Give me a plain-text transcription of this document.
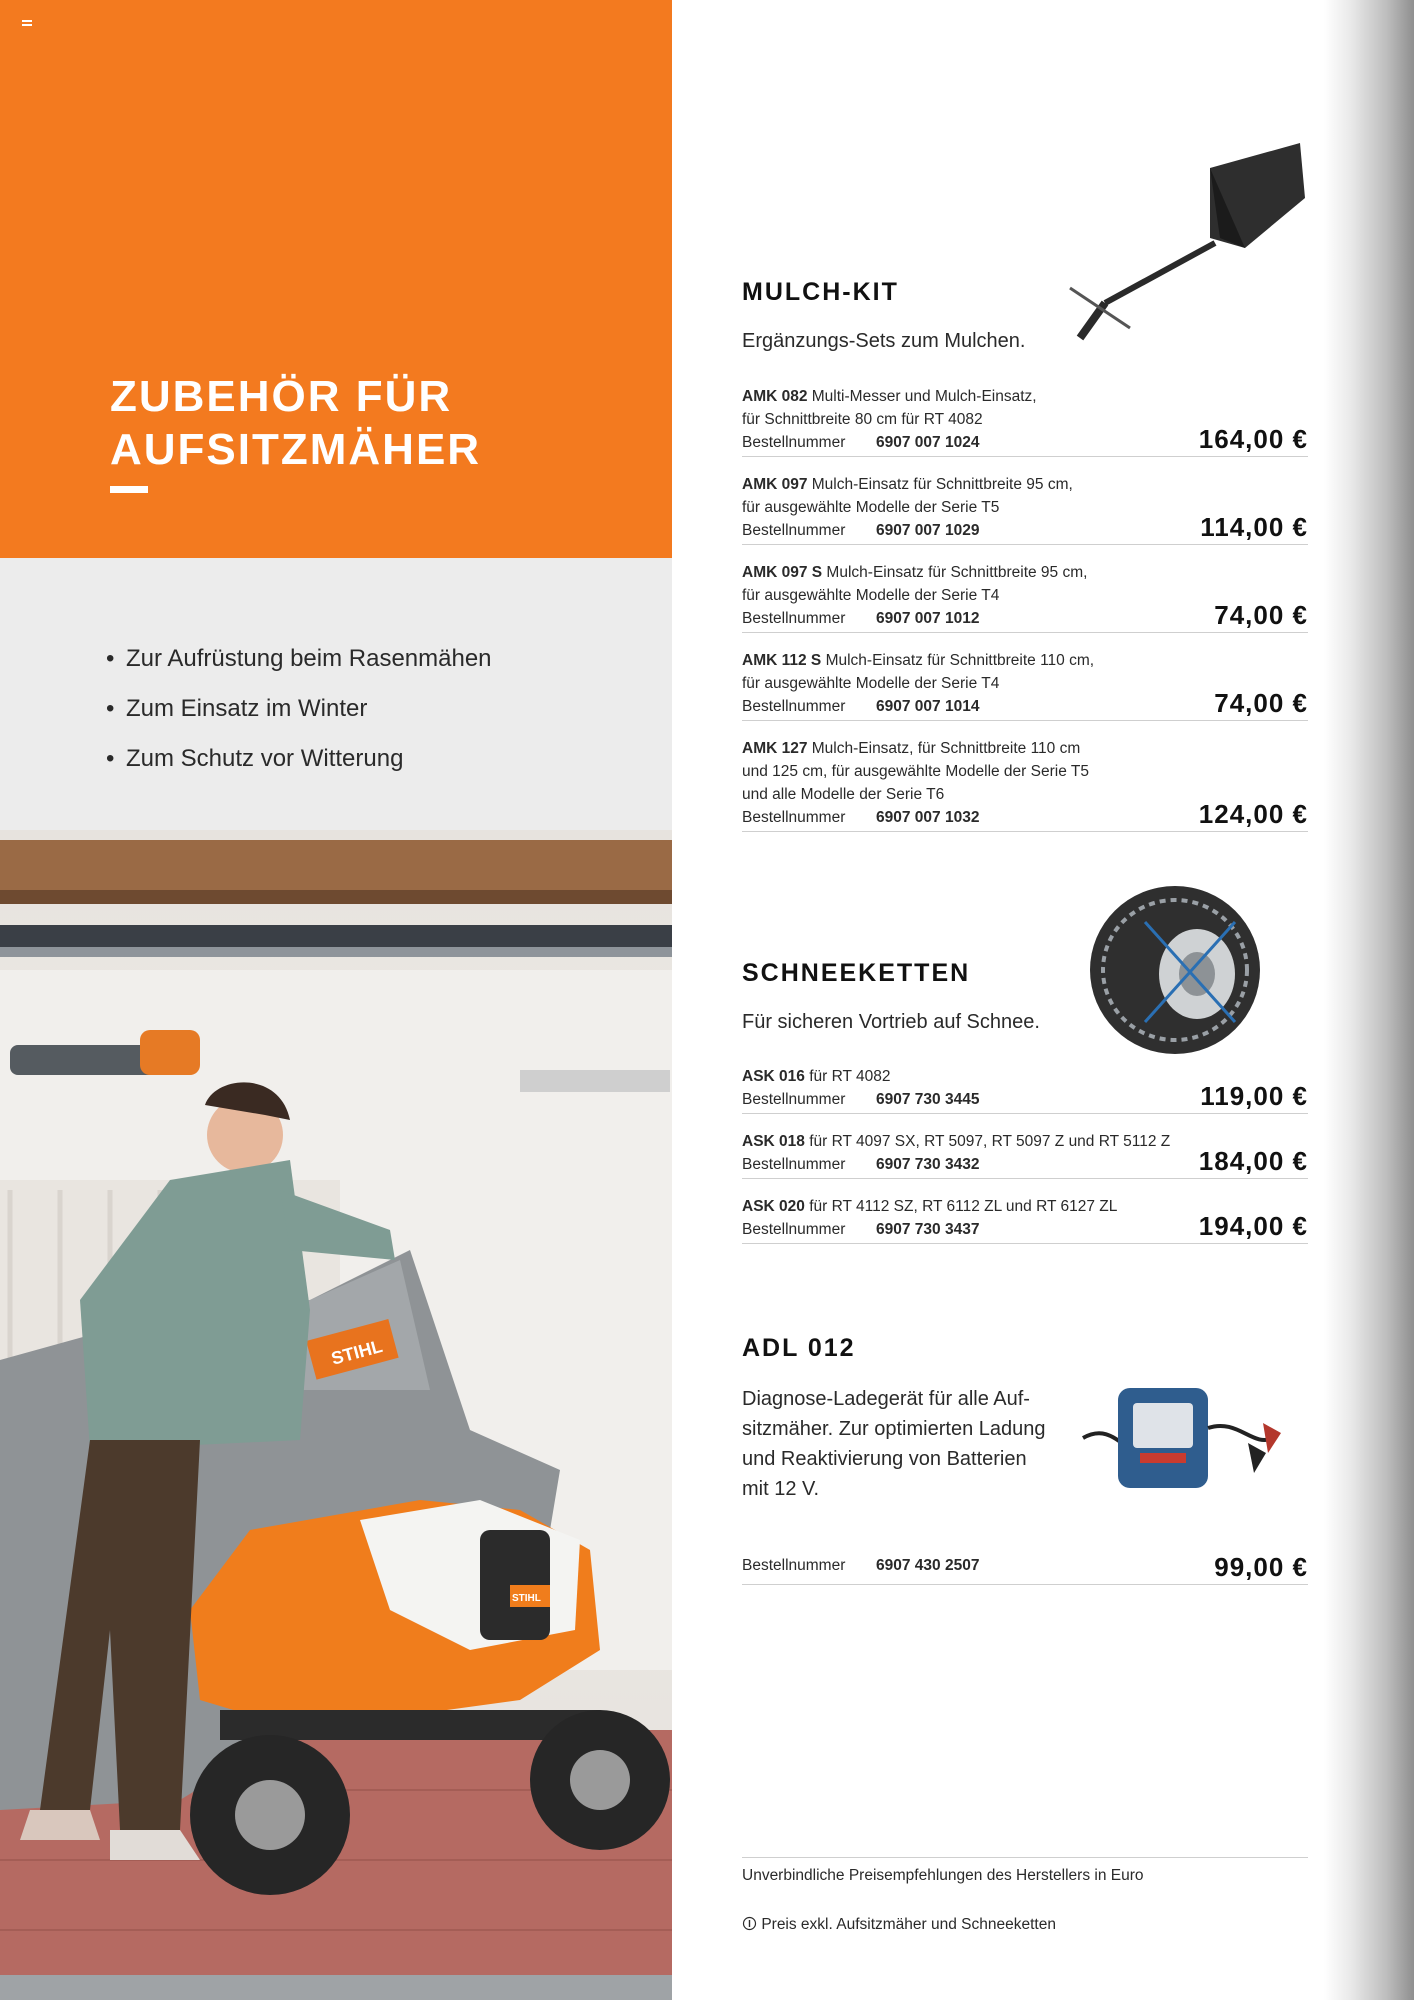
ZUBEHÖR FÜR
AUFSITZMÄHER
• Zur Aufrüstung beim Rasenmähen
• Zum Einsatz im Winter
• Zum Schutz vor Witterung
STIHL
STIHL
MULCH-KIT

Ergänzungs-Sets zum Mulchen.

AMK 082 Multi-Messer und Mulch-Einsatz,
für Schnittbreite 80 cm für RT 4082
Bestellnummer 6907 007 1024	164,00 €
AMK 097 Mulch-Einsatz für Schnittbreite 95 cm,
für ausgewählte Modelle der Serie T5
Bestellnummer 6907 007 1029	114,00 €
AMK 097 S Mulch-Einsatz für Schnittbreite 95 cm,
für ausgewählte Modelle der Serie T4
Bestellnummer 6907 007 1012	74,00 €
AMK 112 S Mulch-Einsatz für Schnittbreite 110 cm,
für ausgewählte Modelle der Serie T4
Bestellnummer 6907 007 1014	74,00 €
AMK 127 Mulch-Einsatz, für Schnittbreite 110 cm
und 125 cm, für ausgewählte Modelle der Serie T5
und alle Modelle der Serie T6
Bestellnummer 6907 007 1032	124,00 €
SCHNEEKETTEN

Für sicheren Vortrieb auf Schnee.

ASK 016 für RT 4082
Bestellnummer 6907 730 3445	119,00 €
ASK 018 für RT 4097 SX, RT 5097, RT 5097 Z und RT 5112 Z
Bestellnummer 6907 730 3432	184,00 €
ASK 020 für RT 4112 SZ, RT 6112 ZL und RT 6127 ZL
Bestellnummer 6907 730 3437	194,00 €
ADL 012

Diagnose-Ladegerät für alle Auf-
sitzmäher. Zur optimierten Ladung
und Reaktivierung von Batterien
mit 12 V.

Bestellnummer 6907 430 2507	99,00 €
Unverbindliche Preisempfehlungen des Herstellers in Euro
Preis exkl. Aufsitzmäher und Schneeketten
